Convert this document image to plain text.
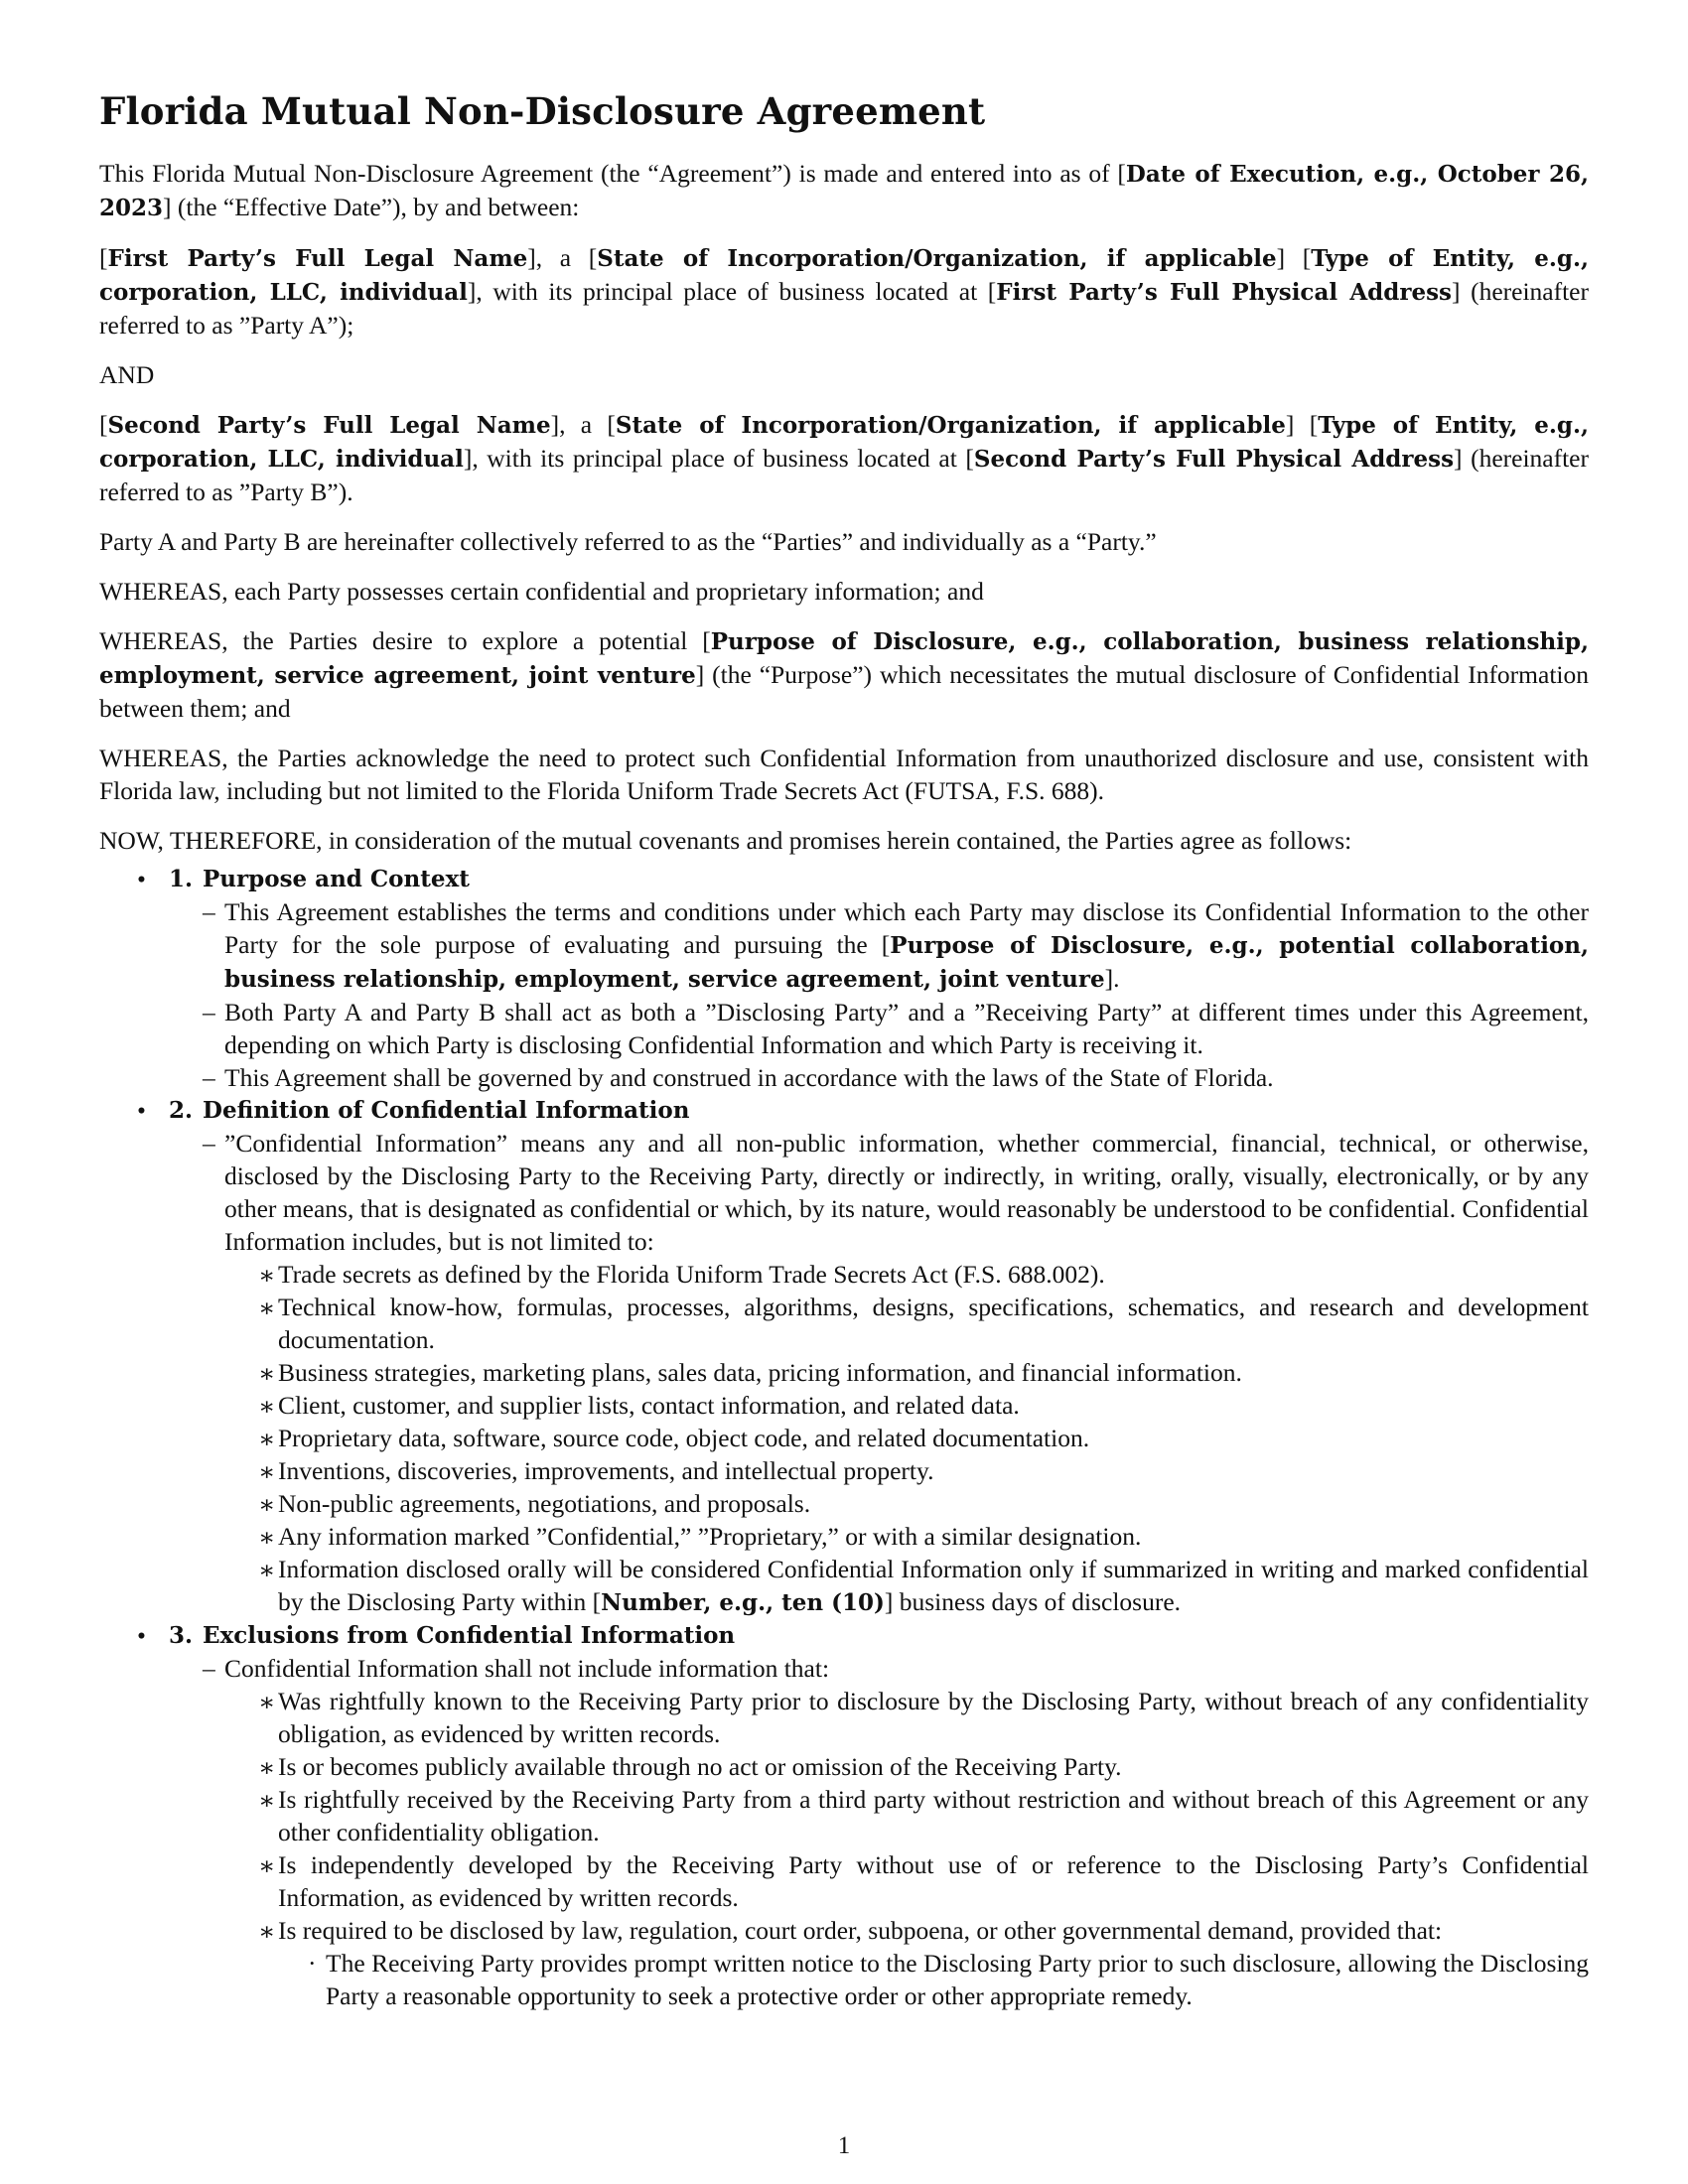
Florida Mutual Non-Disclosure Agreement

This Florida Mutual Non-Disclosure Agreement (the “Agreement”) is made and entered into as of [Date of Execution, e.g., October 26, 2023] (the “Effective Date”), by and between:

[First Party’s Full Legal Name], a [State of Incorporation/Organization, if applicable] [Type of Entity, e.g., corporation, LLC, individual], with its principal place of business located at [First Party’s Full Physical Address] (hereinafter referred to as ”Party A”);

AND

[Second Party’s Full Legal Name], a [State of Incorporation/Organization, if applicable] [Type of Entity, e.g., corporation, LLC, individual], with its principal place of business located at [Second Party’s Full Physical Address] (hereinafter referred to as ”Party B”).

Party A and Party B are hereinafter collectively referred to as the “Parties” and individually as a “Party.”

WHEREAS, each Party possesses certain confidential and proprietary information; and

WHEREAS, the Parties desire to explore a potential [Purpose of Disclosure, e.g., collaboration, business relationship, employment, service agreement, joint venture] (the “Purpose”) which necessitates the mutual disclosure of Confidential Information between them; and

WHEREAS, the Parties acknowledge the need to protect such Confidential Information from unauthorized disclosure and use, consistent with Florida law, including but not limited to the Florida Uniform Trade Secrets Act (FUTSA, F.S. 688).

NOW, THEREFORE, in consideration of the mutual covenants and promises herein contained, the Parties agree as follows:

• 1. Purpose and Context
– This Agreement establishes the terms and conditions under which each Party may disclose its Confidential Information to the other Party for the sole purpose of evaluating and pursuing the [Purpose of Disclosure, e.g., potential collaboration, business relationship, employment, service agreement, joint venture].
– Both Party A and Party B shall act as both a ”Disclosing Party” and a ”Receiving Party” at different times under this Agreement, depending on which Party is disclosing Confidential Information and which Party is receiving it.
– This Agreement shall be governed by and construed in accordance with the laws of the State of Florida.
• 2. Definition of Confidential Information
– ”Confidential Information” means any and all non-public information, whether commercial, financial, technical, or otherwise, disclosed by the Disclosing Party to the Receiving Party, directly or indirectly, in writing, orally, visually, electronically, or by any other means, that is designated as confidential or which, by its nature, would reasonably be understood to be confidential. Confidential Information includes, but is not limited to:
∗ Trade secrets as defined by the Florida Uniform Trade Secrets Act (F.S. 688.002).
∗ Technical know-how, formulas, processes, algorithms, designs, specifications, schematics, and research and development documentation.
∗ Business strategies, marketing plans, sales data, pricing information, and financial information.
∗ Client, customer, and supplier lists, contact information, and related data.
∗ Proprietary data, software, source code, object code, and related documentation.
∗ Inventions, discoveries, improvements, and intellectual property.
∗ Non-public agreements, negotiations, and proposals.
∗ Any information marked ”Confidential,” ”Proprietary,” or with a similar designation.
∗ Information disclosed orally will be considered Confidential Information only if summarized in writing and marked confidential by the Disclosing Party within [Number, e.g., ten (10)] business days of disclosure.
• 3. Exclusions from Confidential Information
– Confidential Information shall not include information that:
∗ Was rightfully known to the Receiving Party prior to disclosure by the Disclosing Party, without breach of any confidentiality obligation, as evidenced by written records.
∗ Is or becomes publicly available through no act or omission of the Receiving Party.
∗ Is rightfully received by the Receiving Party from a third party without restriction and without breach of this Agreement or any other confidentiality obligation.
∗ Is independently developed by the Receiving Party without use of or reference to the Disclosing Party’s Confidential Information, as evidenced by written records.
∗ Is required to be disclosed by law, regulation, court order, subpoena, or other governmental demand, provided that:
· The Receiving Party provides prompt written notice to the Disclosing Party prior to such disclosure, allowing the Disclosing Party a reasonable opportunity to seek a protective order or other appropriate remedy.
1
